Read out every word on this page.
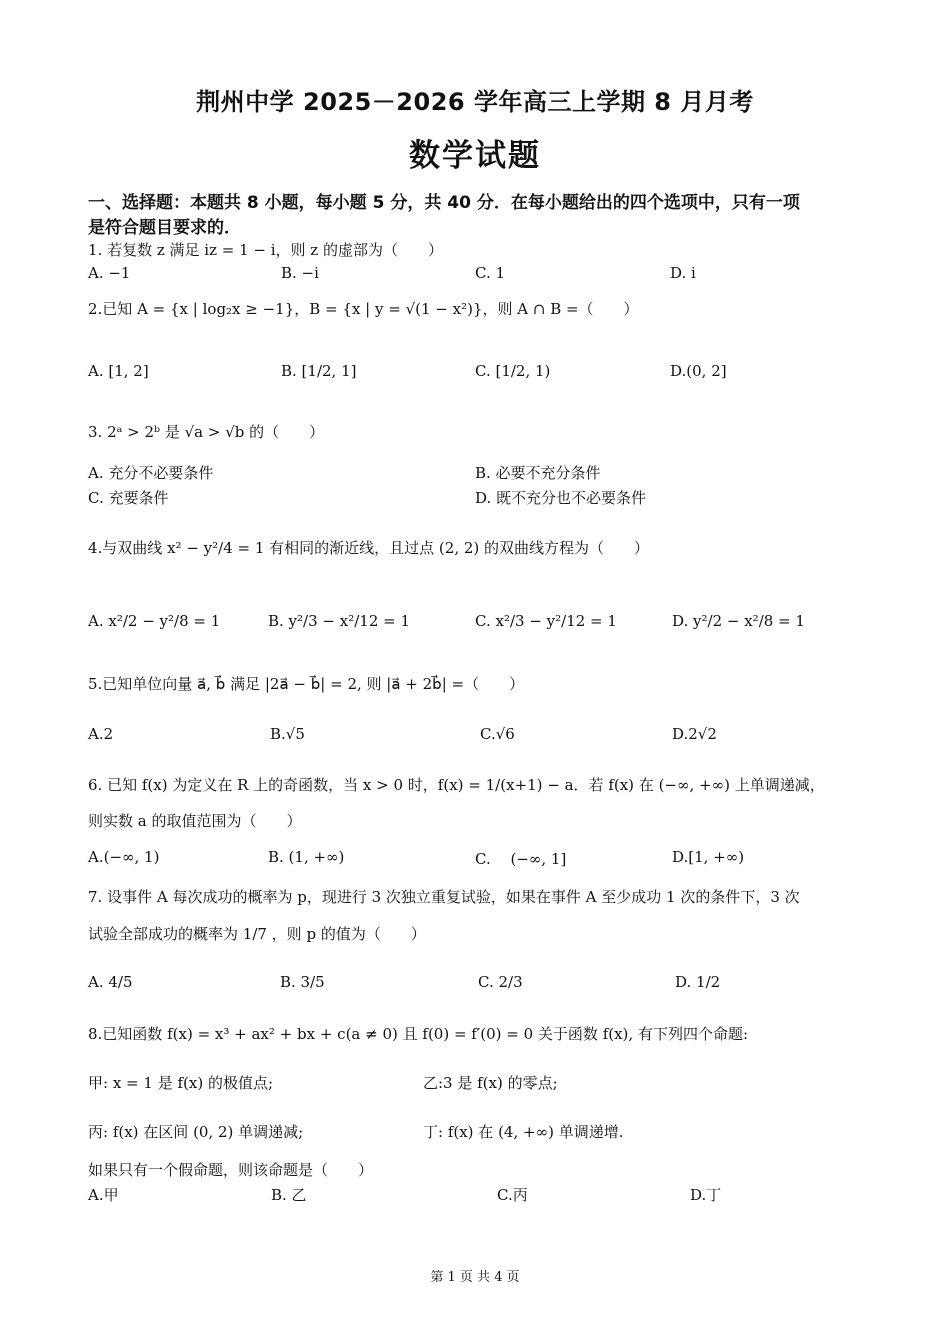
荆州中学 2025－2026 学年高三上学期 8 月月考
数学试题
一、选择题：本题共 8 小题，每小题 5 分，共 40 分．在每小题给出的四个选项中，只有一项
是符合题目要求的．
1. 若复数 z 满足 iz = 1 − i，则 z 的虚部为（　　）
A. −1	B. −i	C. 1	D. i
2.已知 A = {x | log₂x ≥ −1}，B = {x | y = √(1 − x²)}，则 A ∩ B =（　　）
A. [1, 2]	B. [1/2, 1]	C. [1/2, 1)	D.(0, 2]
3. 2ᵃ > 2ᵇ 是 √a > √b 的（　　）
A. 充分不必要条件	B. 必要不充分条件
C. 充要条件	D. 既不充分也不必要条件
4.与双曲线 x² − y²/4 = 1 有相同的渐近线，且过点 (2, 2) 的双曲线方程为（　　）
A. x²/2 − y²/8 = 1	B. y²/3 − x²/12 = 1	C. x²/3 − y²/12 = 1	D. y²/2 − x²/8 = 1
5.已知单位向量 a⃗, b⃗ 满足 |2a⃗ − b⃗| = 2, 则 |a⃗ + 2b⃗| =（　　）
A.2	B.√5	C.√6	D.2√2
6. 已知 f(x) 为定义在 R 上的奇函数，当 x > 0 时，f(x) = 1/(x+1) − a．若 f(x) 在 (−∞, +∞) 上单调递减，
则实数 a 的取值范围为（　　）
A.(−∞, 1)	B. (1, +∞)	C.　 (−∞, 1]	D.[1, +∞)
7. 设事件 A 每次成功的概率为 p，现进行 3 次独立重复试验，如果在事件 A 至少成功 1 次的条件下，3 次
试验全部成功的概率为 1/7 ，则 p 的值为（　　）
A. 4/5	B. 3/5	C. 2/3	D. 1/2
8.已知函数 f(x) = x³ + ax² + bx + c(a ≠ 0) 且 f(0) = f′(0) = 0 关于函数 f(x), 有下列四个命题:
甲: x = 1 是 f(x) 的极值点;	乙:3 是 f(x) 的零点;
丙: f(x) 在区间 (0, 2) 单调递减;	丁: f(x) 在 (4, +∞) 单调递增.
如果只有一个假命题，则该命题是（　　）
A.甲	B. 乙	C.丙	D.丁
第 1 页 共 4 页
